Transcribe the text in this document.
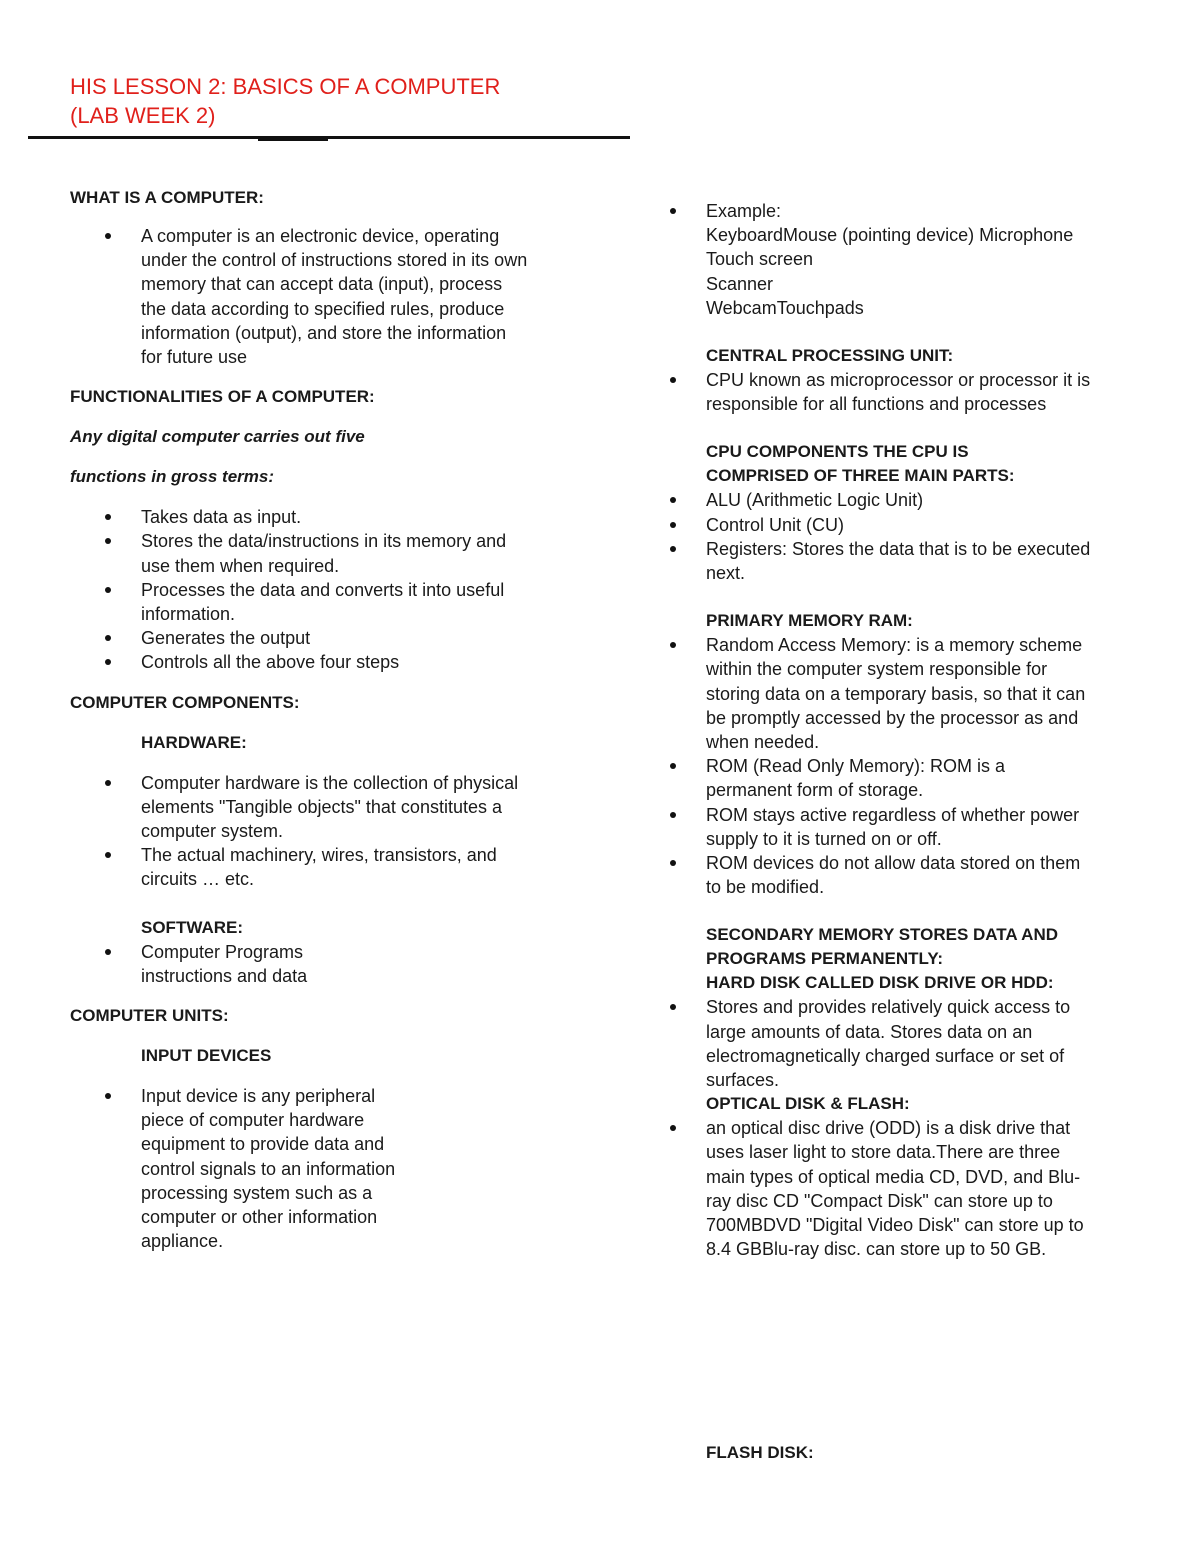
HIS LESSON 2: BASICS OF A COMPUTER
(LAB WEEK 2)
WHAT IS A COMPUTER:
A computer is an electronic device, operating
under the control of instructions stored in its own
memory that can accept data (input), process
the data according to specified rules, produce
information (output), and store the information
for future use
FUNCTIONALITIES OF A COMPUTER:
Any digital computer carries out five
functions in gross terms:
Takes data as input.
Stores the data/instructions in its memory and
use them when required.
Processes the data and converts it into useful
information.
Generates the output
Controls all the above four steps
COMPUTER COMPONENTS:
HARDWARE:
Computer hardware is the collection of physical
elements "Tangible objects" that constitutes a
computer system.
The actual machinery, wires, transistors, and
circuits … etc.
SOFTWARE:
Computer Programs
instructions and data
COMPUTER UNITS:
INPUT DEVICES
Input device is any peripheral
piece of computer hardware
equipment to provide data and
control signals to an information
processing system such as a
computer or other information
appliance.
Example:
KeyboardMouse (pointing device) Microphone
Touch screen
Scanner
WebcamTouchpads
CENTRAL PROCESSING UNIT:
CPU known as microprocessor or processor it is
responsible for all functions and processes
CPU COMPONENTS THE CPU IS
COMPRISED OF THREE MAIN PARTS:
ALU (Arithmetic Logic Unit)
Control Unit (CU)
Registers: Stores the data that is to be executed
next.
PRIMARY MEMORY RAM:
Random Access Memory: is a memory scheme
within the computer system responsible for
storing data on a temporary basis, so that it can
be promptly accessed by the processor as and
when needed.
ROM (Read Only Memory): ROM is a
permanent form of storage.
ROM stays active regardless of whether power
supply to it is turned on or off.
ROM devices do not allow data stored on them
to be modified.
SECONDARY MEMORY STORES DATA AND
PROGRAMS PERMANENTLY:
HARD DISK CALLED DISK DRIVE OR HDD:
Stores and provides relatively quick access to
large amounts of data. Stores data on an
electromagnetically charged surface or set of
surfaces.
OPTICAL DISK & FLASH:
an optical disc drive (ODD) is a disk drive that
uses laser light to store data.There are three
main types of optical media CD, DVD, and Blu-
ray disc CD "Compact Disk" can store up to
700MBDVD "Digital Video Disk" can store up to
8.4 GBBlu-ray disc. can store up to 50 GB.
FLASH DISK:
